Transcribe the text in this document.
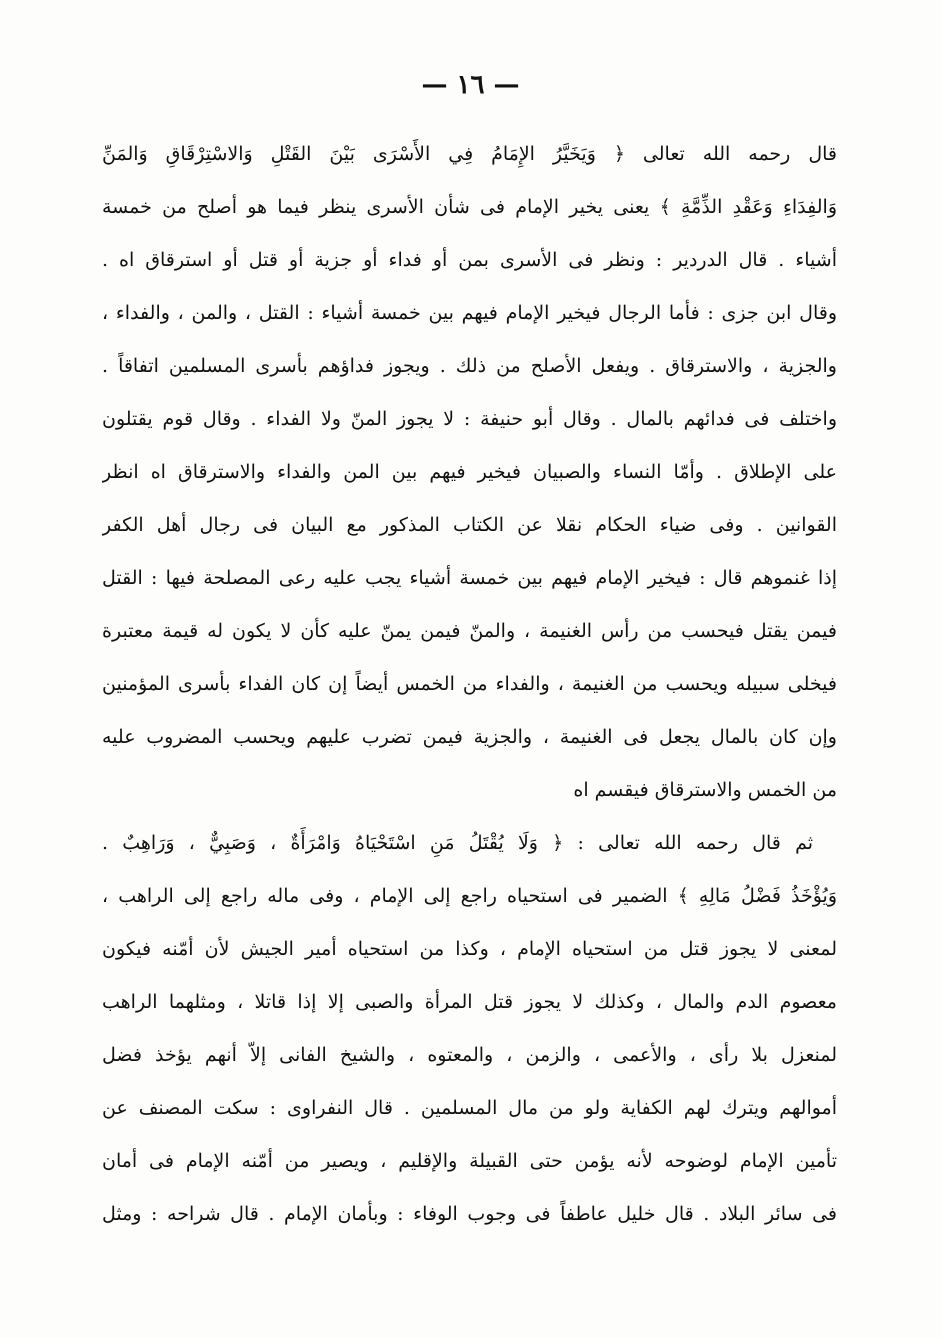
— ١٦ —
قال رحمه الله تعالى ﴿ وَيَخَيَّرُ الإِمَامُ فِي الأَسْرَى بَيْنَ القَتْلِ وَالاسْتِرْقَاقِ وَالمَنِّ
وَالفِدَاءِ وَعَقْدِ الذِّمَّةِ ﴾ يعنى يخير الإمام فى شأن الأسرى ينظر فيما هو أصلح من خمسة
أشياء . قال الدردير : ونظر فى الأسرى بمن أو فداء أو جزية أو قتل أو استرقاق اه .
وقال ابن جزى : فأما الرجال فيخير الإمام فيهم بين خمسة أشياء : القتل ، والمن ، والفداء ،
والجزية ، والاسترقاق . ويفعل الأصلح من ذلك . ويجوز فداؤهم بأسرى المسلمين اتفاقاً .
واختلف فى فدائهم بالمال . وقال أبو حنيفة : لا يجوز المنّ ولا الفداء . وقال قوم يقتلون
على الإطلاق . وأمّا النساء والصبيان فيخير فيهم بين المن والفداء والاسترقاق اه انظر
القوانين . وفى ضياء الحكام نقلا عن الكتاب المذكور مع البيان فى رجال أهل الكفر
إذا غنموهم قال : فيخير الإمام فيهم بين خمسة أشياء يجب عليه رعى المصلحة فيها : القتل
فيمن يقتل فيحسب من رأس الغنيمة ، والمنّ فيمن يمنّ عليه كأن لا يكون له قيمة معتبرة
فيخلى سبيله ويحسب من الغنيمة ، والفداء من الخمس أيضاً إن كان الفداء بأسرى المؤمنين
وإن كان بالمال يجعل فى الغنيمة ، والجزية فيمن تضرب عليهم ويحسب المضروب عليه
من الخمس والاسترقاق فيقسم اه
ثم قال رحمه الله تعالى : ﴿ وَلَا يُقْتَلُ مَنِ اسْتَحْيَاهُ وَامْرَأَةٌ ، وَصَبِيٌّ ، وَرَاهِبٌ .
وَيُؤْخَذُ فَضْلُ مَالِهِ ﴾ الضمير فى استحياه راجع إلى الإمام ، وفى ماله راجع إلى الراهب ،
لمعنى لا يجوز قتل من استحياه الإمام ، وكذا من استحياه أمير الجيش لأن أمّنه فيكون
معصوم الدم والمال ، وكذلك لا يجوز قتل المرأة والصبى إلا إذا قاتلا ، ومثلهما الراهب
لمنعزل بلا رأى ، والأعمى ، والزمن ، والمعتوه ، والشيخ الفانى إلاّ أنهم يؤخذ فضل
أموالهم ويترك لهم الكفاية ولو من مال المسلمين . قال النفراوى : سكت المصنف عن
تأمين الإمام لوضوحه لأنه يؤمن حتى القبيلة والإقليم ، ويصير من أمّنه الإمام فى أمان
فى سائر البلاد . قال خليل عاطفاً فى وجوب الوفاء : وبأمان الإمام . قال شراحه : ومثل
